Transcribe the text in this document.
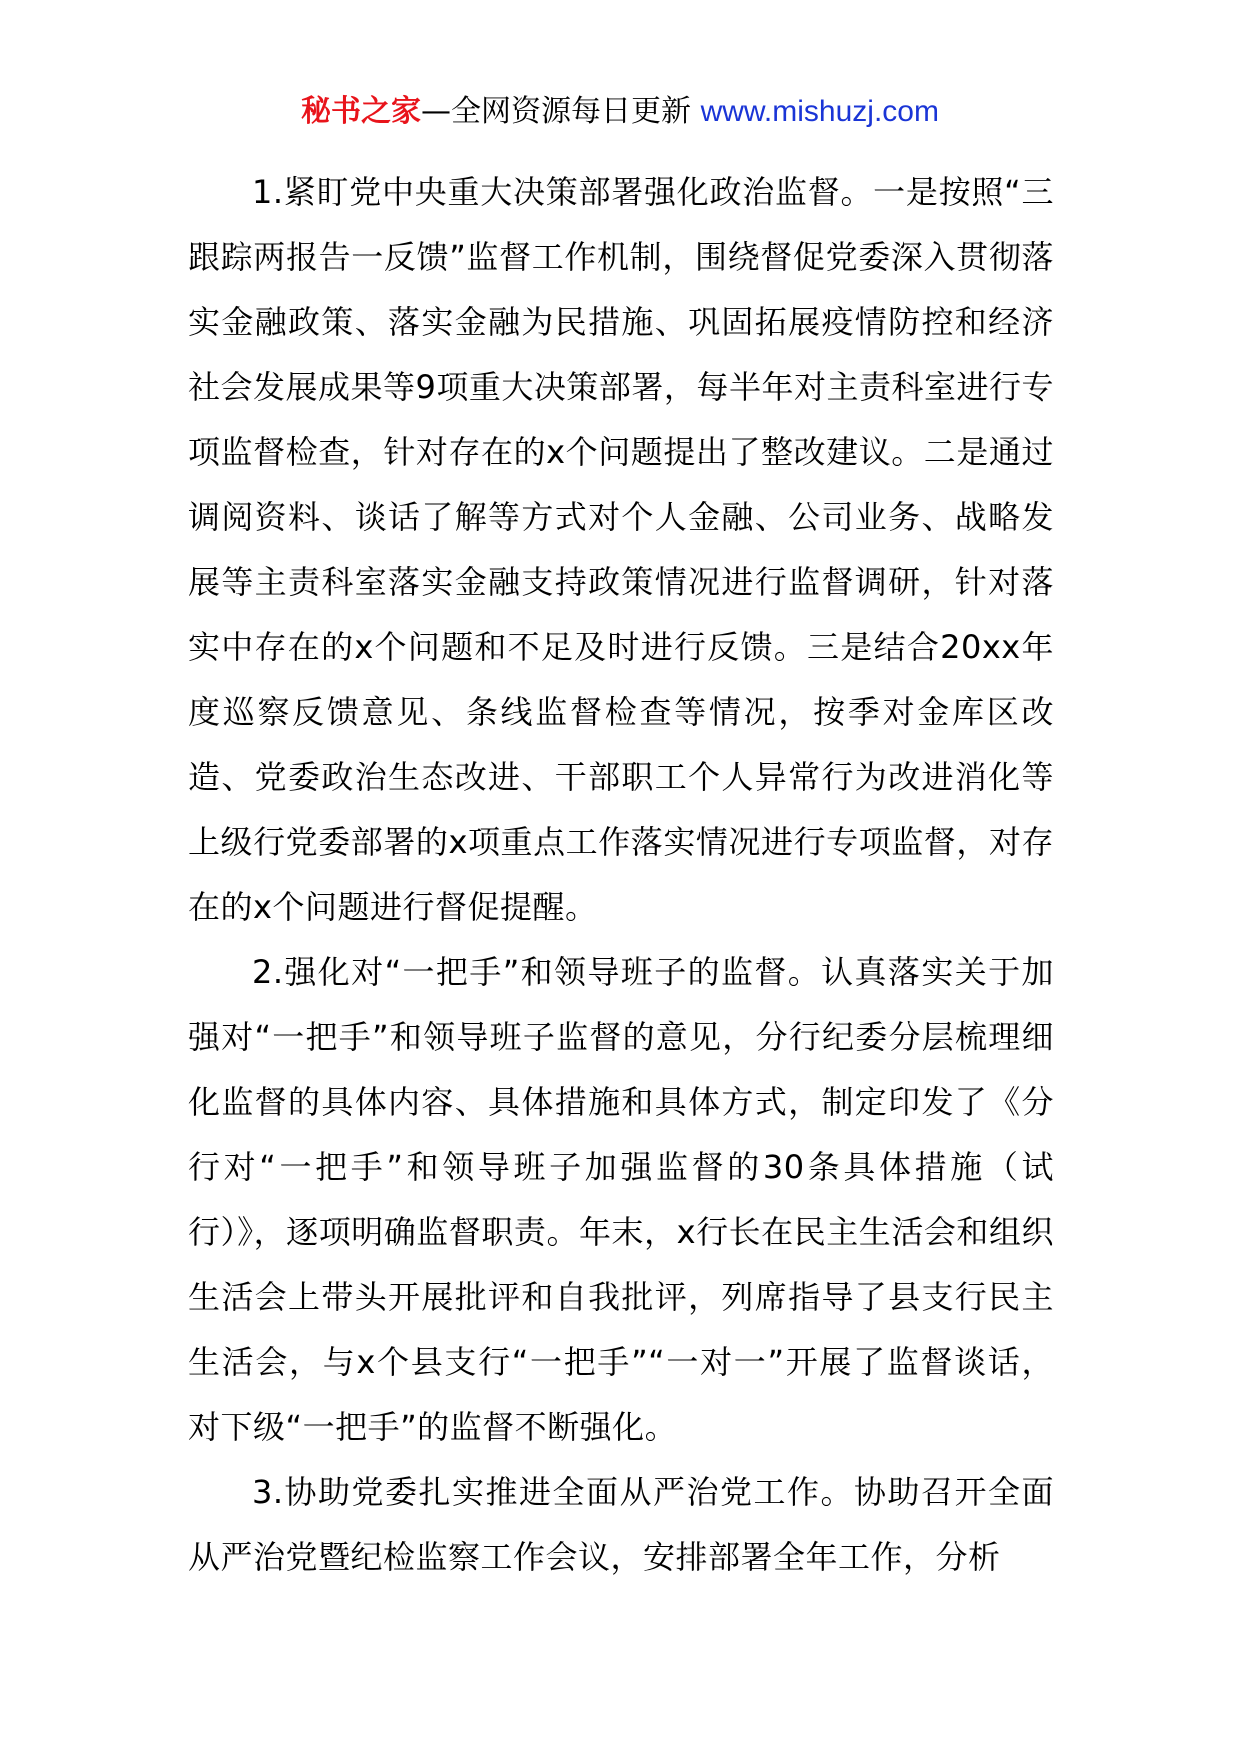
秘书之家—全网资源每日更新 www.mishuzj.com

1.紧盯党中央重大决策部署强化政治监督。一是按照“三跟踪两报告一反馈”监督工作机制，围绕督促党委深入贯彻落实金融政策、落实金融为民措施、巩固拓展疫情防控和经济社会发展成果等9项重大决策部署，每半年对主责科室进行专项监督检查，针对存在的x个问题提出了整改建议。二是通过调阅资料、谈话了解等方式对个人金融、公司业务、战略发展等主责科室落实金融支持政策情况进行监督调研，针对落实中存在的x个问题和不足及时进行反馈。三是结合20xx年度巡察反馈意见、条线监督检查等情况，按季对金库区改造、党委政治生态改进、干部职工个人异常行为改进消化等上级行党委部署的x项重点工作落实情况进行专项监督，对存在的x个问题进行督促提醒。

2.强化对“一把手”和领导班子的监督。认真落实关于加强对“一把手”和领导班子监督的意见，分行纪委分层梳理细化监督的具体内容、具体措施和具体方式，制定印发了《分行对“一把手”和领导班子加强监督的30条具体措施（试行）》，逐项明确监督职责。年末，x行长在民主生活会和组织生活会上带头开展批评和自我批评，列席指导了县支行民主生活会，与x个县支行“一把手”“一对一”开展了监督谈话，对下级“一把手”的监督不断强化。

3.协助党委扎实推进全面从严治党工作。协助召开全面从严治党暨纪检监察工作会议，安排部署全年工作，分析
